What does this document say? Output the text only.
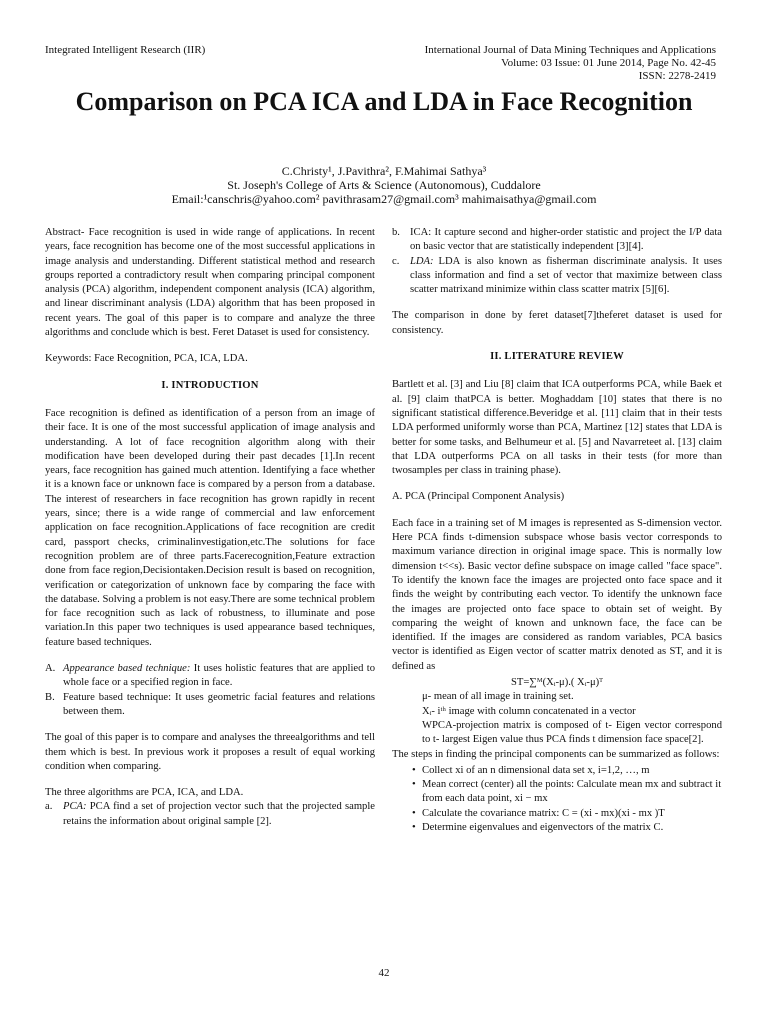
Integrated Intelligent Research (IIR)	International Journal of Data Mining Techniques and Applications
Volume: 03 Issue: 01 June 2014, Page No. 42-45
ISSN: 2278-2419
Comparison on PCA ICA and LDA in Face Recognition
C.Christy¹, J.Pavithra², F.Mahimai Sathya³
St. Joseph's College of Arts & Science (Autonomous), Cuddalore
Email:¹canschris@yahoo.com² pavithrasam27@gmail.com³ mahimaisathya@gmail.com

Abstract- Face recognition is used in wide range of applications. In recent years, face recognition has become one of the most successful applications in image analysis and understanding. Different statistical method and research groups reported a contradictory result when comparing principal component analysis (PCA) algorithm, independent component analysis (ICA) algorithm, and linear discriminant analysis (LDA) algorithm that has been proposed in recent years. The goal of this paper is to compare and analyze the three algorithms and conclude which is best. Feret Dataset is used for consistency.

Keywords: Face Recognition, PCA, ICA, LDA.

I. INTRODUCTION

Face recognition is defined as identification of a person from an image of their face. It is one of the most successful application of image analysis and understanding. A lot of face recognition algorithm along with their modification have been developed during their past decades [1].In recent years, face recognition has gained much attention. Identifying a face whether it is a known face or unknown face is compared by a person from a database. The interest of researchers in face recognition has grown rapidly in recent years, since; there is a wide range of commercial and law enforcement application on face recognition.Applications of face recognition are credit card, passport checks, criminalinvestigation,etc.The solutions for face recognition problem are of three parts.Facerecognition,Feature extraction done from face region,Decisiontaken.Decision result is based on recognition, verification or categorization of unknown face by comparing the face with the database. Solving a problem is not easy.There are some technical problem for face recognition such as lack of robustness, to illuminate and pose variation.In this paper two techniques is used appearance based techniques, feature based techniques.

A. Appearance based technique: It uses holistic features that are applied to whole face or a specified region in face.
B. Feature based technique: It uses geometric facial features and relations between them.

The goal of this paper is to compare and analyses the threealgorithms and tell them which is best. In previous work it proposes a result of equal working condition when comparing.

The three algorithms are PCA, ICA, and LDA.

a.	PCA: PCA find a set of projection vector such that the projected sample retains the information about original sample [2].
b. ICA: It capture second and higher-order statistic and project the I/P data on basic vector that are statistically independent [3][4].
c.	LDA: LDA is also known as fisherman discriminate analysis. It uses class information and find a set of vector that maximize between class scatter matrixand minimize within class scatter matrix [5][6].

The comparison in done by feret dataset[7]theferet dataset is used for consistency.

II. LITERATURE REVIEW

Bartlett et al. [3] and Liu [8] claim that ICA outperforms PCA, while Baek et al. [9] claim thatPCA is better. Moghaddam [10] states that there is no significant statistical difference.Beveridge et al. [11] claim that in their tests LDA performed uniformly worse than PCA, Martinez [12] states that LDA is better for some tasks, and Belhumeur et al. [5] and Navarreteet al. [13] claim that LDA outperforms PCA on all tasks in their tests (for more than twosamples per class in training phase).

A. PCA (Principal Component Analysis)

Each face in a training set of M images is represented as S-dimension vector. Here PCA finds t-dimension subspace whose basis vector corresponds to maximum variance direction in original image space. This is normally low dimension t<<s). Basic vector define subspace on image called "face space". To identify the known face the images are projected onto face space and it finds the weight by contributing each vector. To identify the unknown face the images are projected onto face space to obtain set of weight. By comparing the weight of known and unknown face, the face can be identified. If the images are considered as random variables, PCA basics vector is identified as Eigen vector of scatter matrix denoted as ST, and it is defined as

ST=∑ᴹ(Xᵢ-μ).( Xᵢ-μ)ᵀ

μ- mean of all image in training set.

Xᵢ- iᵗʰ image with column concatenated in a vector

WPCA-projection matrix is composed of t- Eigen vector correspond to t- largest Eigen value thus PCA finds t dimension face space[2].

The steps in finding the principal components can be summarized as follows:

• Collect xi of an n dimensional data set x, i=1,2, …, m
• Mean correct (center) all the points: Calculate mean mx and subtract it from each data point, xi − mx
• Calculate the covariance matrix: C = (xi - mx)(xi - mx )T
• Determine eigenvalues and eigenvectors of the matrix C.
42
